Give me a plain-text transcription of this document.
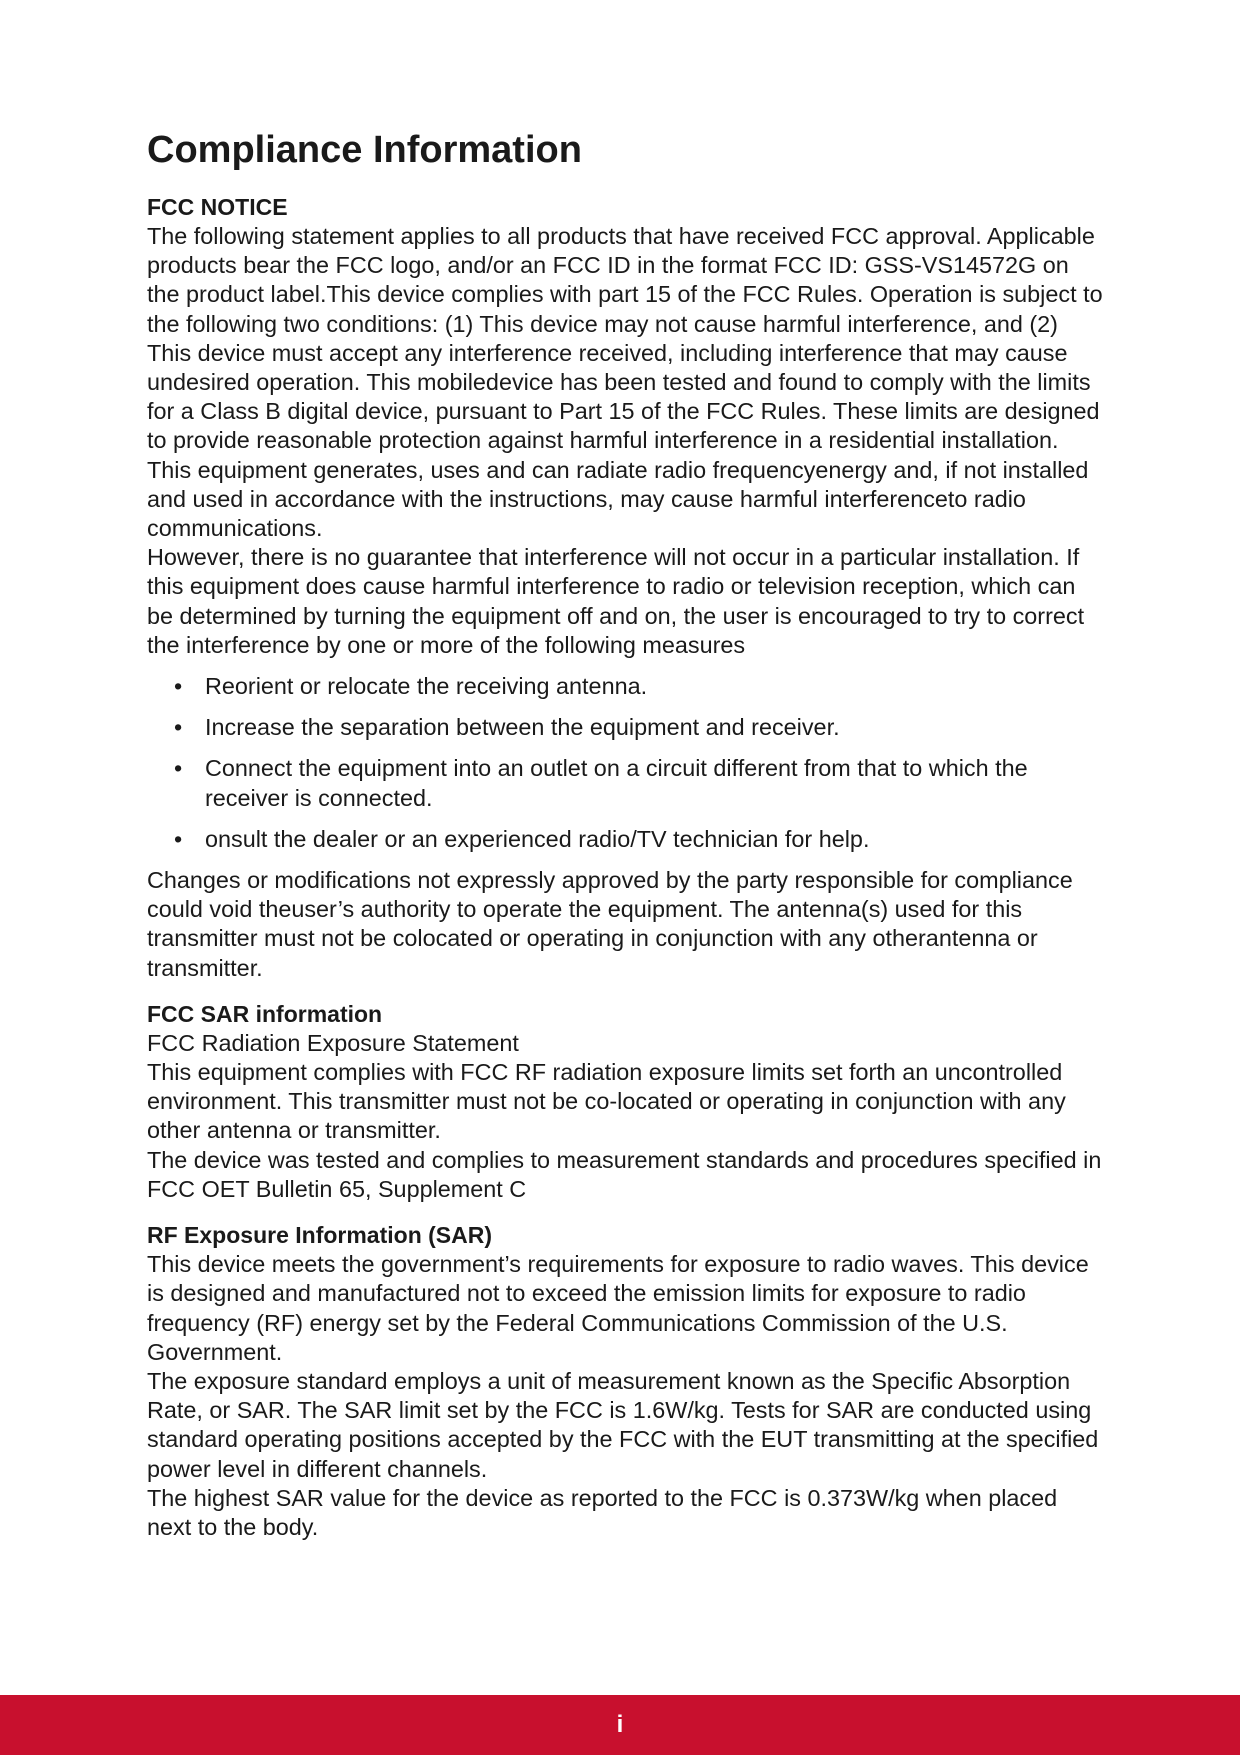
Compliance Information
FCC NOTICE

The following statement applies to all products that have received FCC approval. Applicable products bear the FCC logo, and/or an FCC ID in the format FCC ID: GSS-VS14572G on the product label.This device complies with part 15 of the FCC Rules. Operation is subject to the following two conditions: (1) This device may not cause harmful interference, and (2) This device must accept any interference received, including interference that may cause undesired operation. This mobiledevice has been tested and found to comply with the limits for a Class B digital device, pursuant to Part 15 of the FCC Rules. These limits are designed to provide reasonable protection against harmful interference in a residential installation. This equipment generates, uses and can radiate radio frequencyenergy and, if not installed and used in accordance with the instructions, may cause harmful interferenceto radio communications.

However, there is no guarantee that interference will not occur in a particular installation. If this equipment does cause harmful interference to radio or television reception, which can be determined by turning the equipment off and on, the user is encouraged to try to correct the interference by one or more of the following measures

• Reorient or relocate the receiving antenna.
• Increase the separation between the equipment and receiver.
• Connect the equipment into an outlet on a circuit different from that to which the receiver is connected.
• onsult the dealer or an experienced radio/TV technician for help.

Changes or modifications not expressly approved by the party responsible for compliance could void theuser’s authority to operate the equipment. The antenna(s) used for this transmitter must not be colocated or operating in conjunction with any otherantenna or transmitter.

FCC SAR information

FCC Radiation Exposure Statement

This equipment complies with FCC RF radiation exposure limits set forth an uncontrolled environment. This transmitter must not be co-located or operating in conjunction with any other antenna or transmitter.

The device was tested and complies to measurement standards and procedures specified in FCC OET Bulletin 65, Supplement C

RF Exposure Information (SAR)

This device meets the government’s requirements for exposure to radio waves. This device is designed and manufactured not to exceed the emission limits for exposure to radio frequency (RF) energy set by the Federal Communications Commission of the U.S. Government.

The exposure standard employs a unit of measurement known as the Specific Absorption Rate, or SAR. The SAR limit set by the FCC is 1.6W/kg. Tests for SAR are conducted using standard operating positions accepted by the FCC with the EUT transmitting at the specified power level in different channels.

The highest SAR value for the device as reported to the FCC is 0.373W/kg when placed next to the body.

i
